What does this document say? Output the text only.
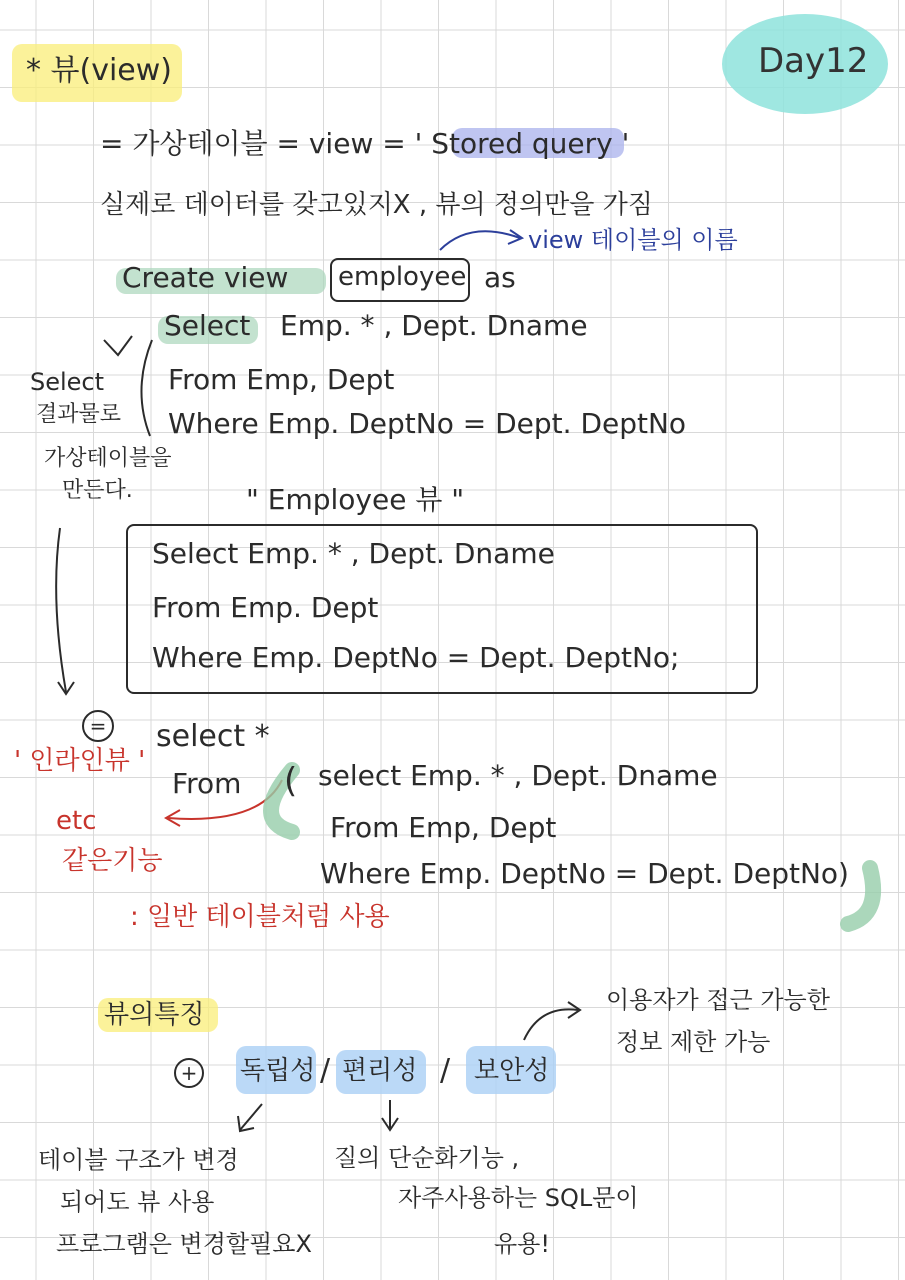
Day12
* 뷰(view)
= 가상테이블 = view = ' Stored query '
실제로 데이터를 갖고있지X , 뷰의 정의만을 가짐
Create view employee as
view 테이블의 이름
Select Emp. * , Dept. Dname
From Emp, Dept
Where Emp. DeptNo = Dept. DeptNo
Select
결과물로
가상테이블을
만든다.	" Employee 뷰 "
Select Emp. * , Dept. Dname
From Emp. Dept
Where Emp. DeptNo = Dept. DeptNo;
= select *
From ( select Emp. * , Dept. Dname
From Emp, Dept
Where Emp. DeptNo = Dept. DeptNo)
' 인라인뷰 '
etc
같은기능
: 일반 테이블처럼 사용
뷰의특징
+ 독립성 / 편리성 / 보안성
이용자가 접근 가능한
정보 제한 가능
테이블 구조가 변경
되어도 뷰 사용
프로그램은 변경할필요X
질의 단순화기능 ,
자주사용하는 SQL문이
유용!
